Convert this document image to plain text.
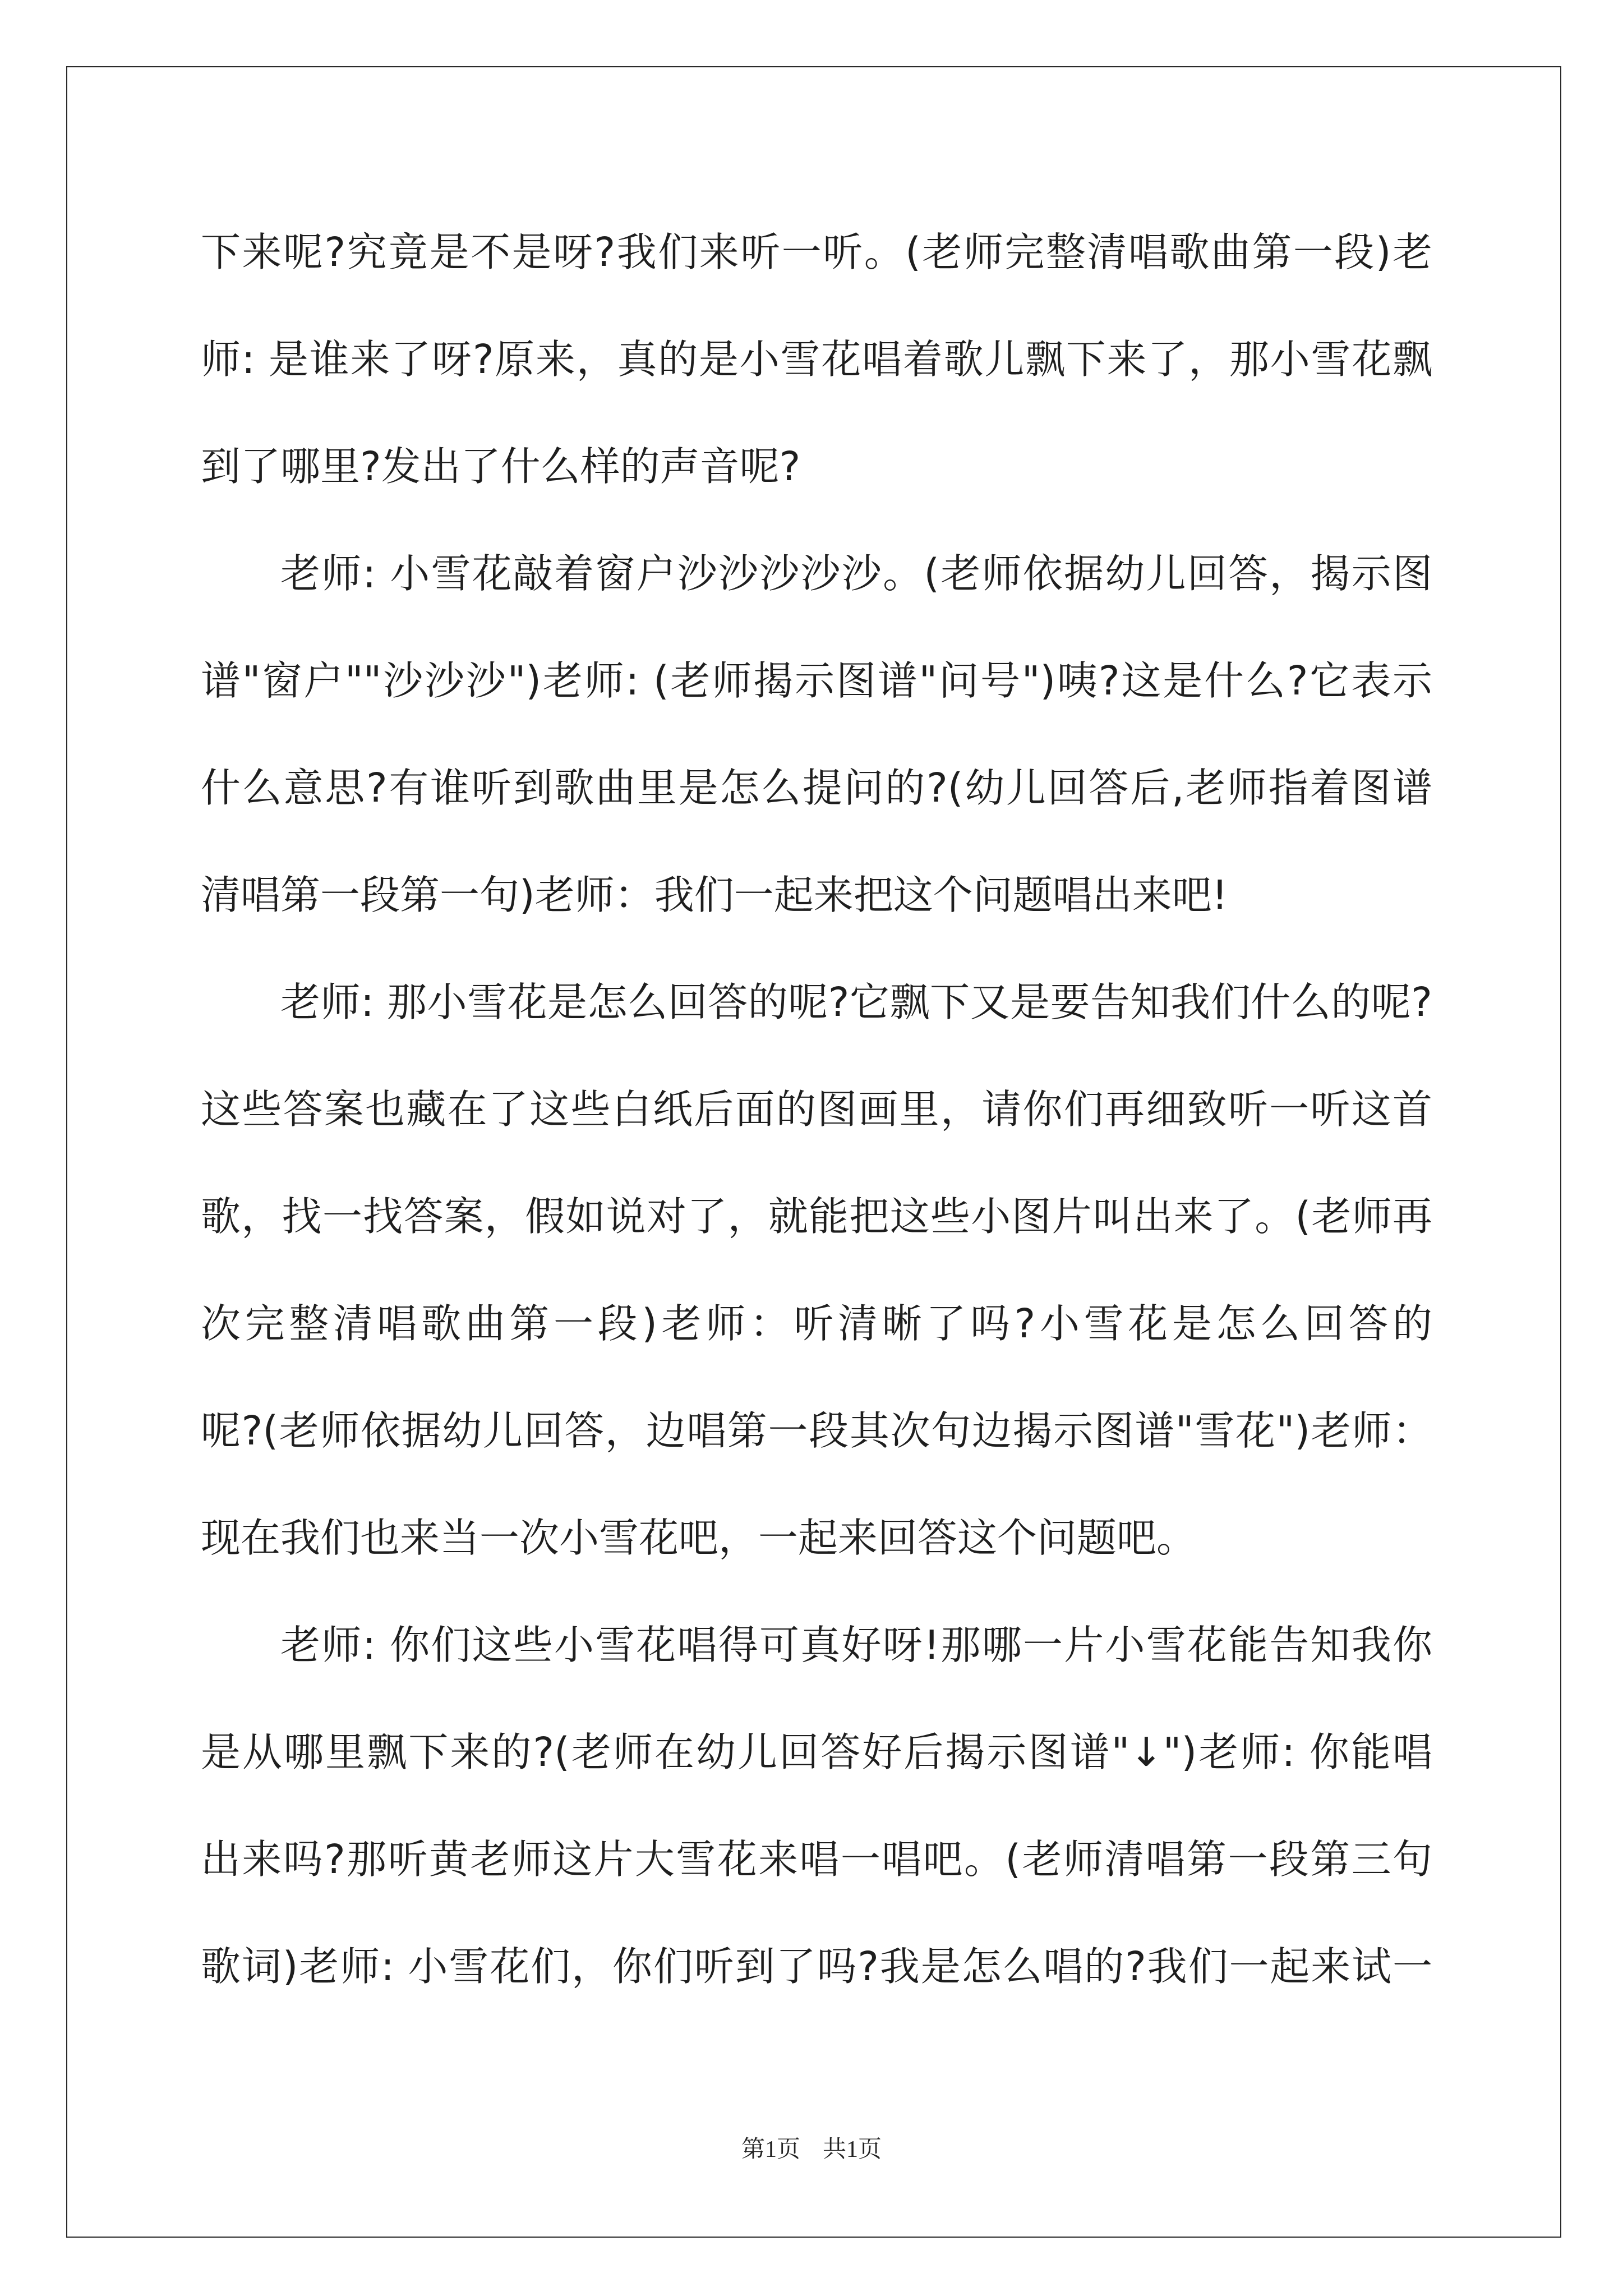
下来呢?究竟是不是呀?我们来听一听。(老师完整清唱歌曲第一段)老
师: 是谁来了呀?原来，真的是小雪花唱着歌儿飘下来了，那小雪花飘
到了哪里?发出了什么样的声音呢?
老师: 小雪花敲着窗户沙沙沙沙沙。(老师依据幼儿回答，揭示图
谱"窗户""沙沙沙")老师: (老师揭示图谱"问号")咦?这是什么?它表示
什么意思?有谁听到歌曲里是怎么提问的?(幼儿回答后,老师指着图谱
清唱第一段第一句)老师：我们一起来把这个问题唱出来吧!
老师: 那小雪花是怎么回答的呢?它飘下又是要告知我们什么的呢?
这些答案也藏在了这些白纸后面的图画里，请你们再细致听一听这首
歌，找一找答案，假如说对了，就能把这些小图片叫出来了。(老师再
次完整清唱歌曲第一段)老师：听清晰了吗?小雪花是怎么回答的
呢?(老师依据幼儿回答，边唱第一段其次句边揭示图谱"雪花")老师：
现在我们也来当一次小雪花吧，一起来回答这个问题吧。
老师: 你们这些小雪花唱得可真好呀!那哪一片小雪花能告知我你
是从哪里飘下来的?(老师在幼儿回答好后揭示图谱"↓")老师: 你能唱
出来吗?那听黄老师这片大雪花来唱一唱吧。(老师清唱第一段第三句
歌词)老师: 小雪花们，你们听到了吗?我是怎么唱的?我们一起来试一
第1页 共1页
